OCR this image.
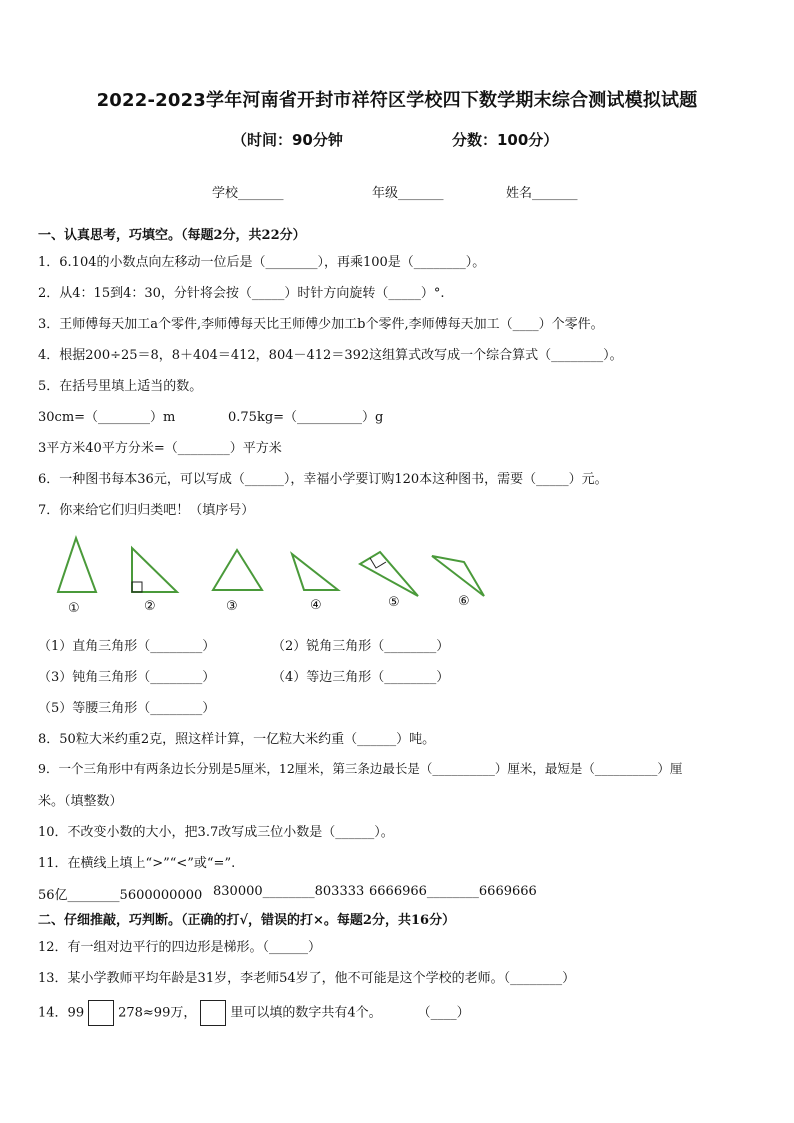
2022-2023学年河南省开封市祥符区学校四下数学期末综合测试模拟试题
（时间：90分钟	分数：100分）
学校_______	年级_______	姓名_______
一、认真思考，巧填空。（每题2分，共22分）
1．6.104的小数点向左移动一位后是（________），再乘100是（________）。
2．从4：15到4：30，分针将会按（_____）时针方向旋转（_____）°.
3．王师傅每天加工a个零件,李师傅每天比王师傅少加工b个零件,李师傅每天加工（____）个零件。
4．根据200÷25＝8，8＋404＝412，804－412＝392这组算式改写成一个综合算式（________）。
5．在括号里填上适当的数。
30cm=（________）m	0.75kg=（__________）g
3平方米40平方分米=（________）平方米
6．一种图书每本36元，可以写成（______），幸福小学要订购120本这种图书，需要（_____）元。
7．你来给它们归归类吧！（填序号）
①	②	③	④	⑤	⑥
（1）直角三角形（________）	（2）锐角三角形（________）
（3）钝角三角形（________）	（4）等边三角形（________）
（5）等腰三角形（________）
8．50粒大米约重2克，照这样计算，一亿粒大米约重（______）吨。
9．一个三角形中有两条边长分别是5厘米，12厘米，第三条边最长是（__________）厘米，最短是（__________）厘
米。（填整数）
10．不改变小数的大小，把3.7改写成三位小数是（______）。
11．在横线上填上“>”“<”或“=”.
56亿________5600000000 830000________803333 6666966________6669666
二、仔细推敲，巧判断。（正确的打√，错误的打×。每题2分，共16分）
12．有一组对边平行的四边形是梯形。（______）
13．某小学教师平均年龄是31岁，李老师54岁了，他不可能是这个学校的老师。（________）
14．99	278≈99万，	里可以填的数字共有4个。	（____）
